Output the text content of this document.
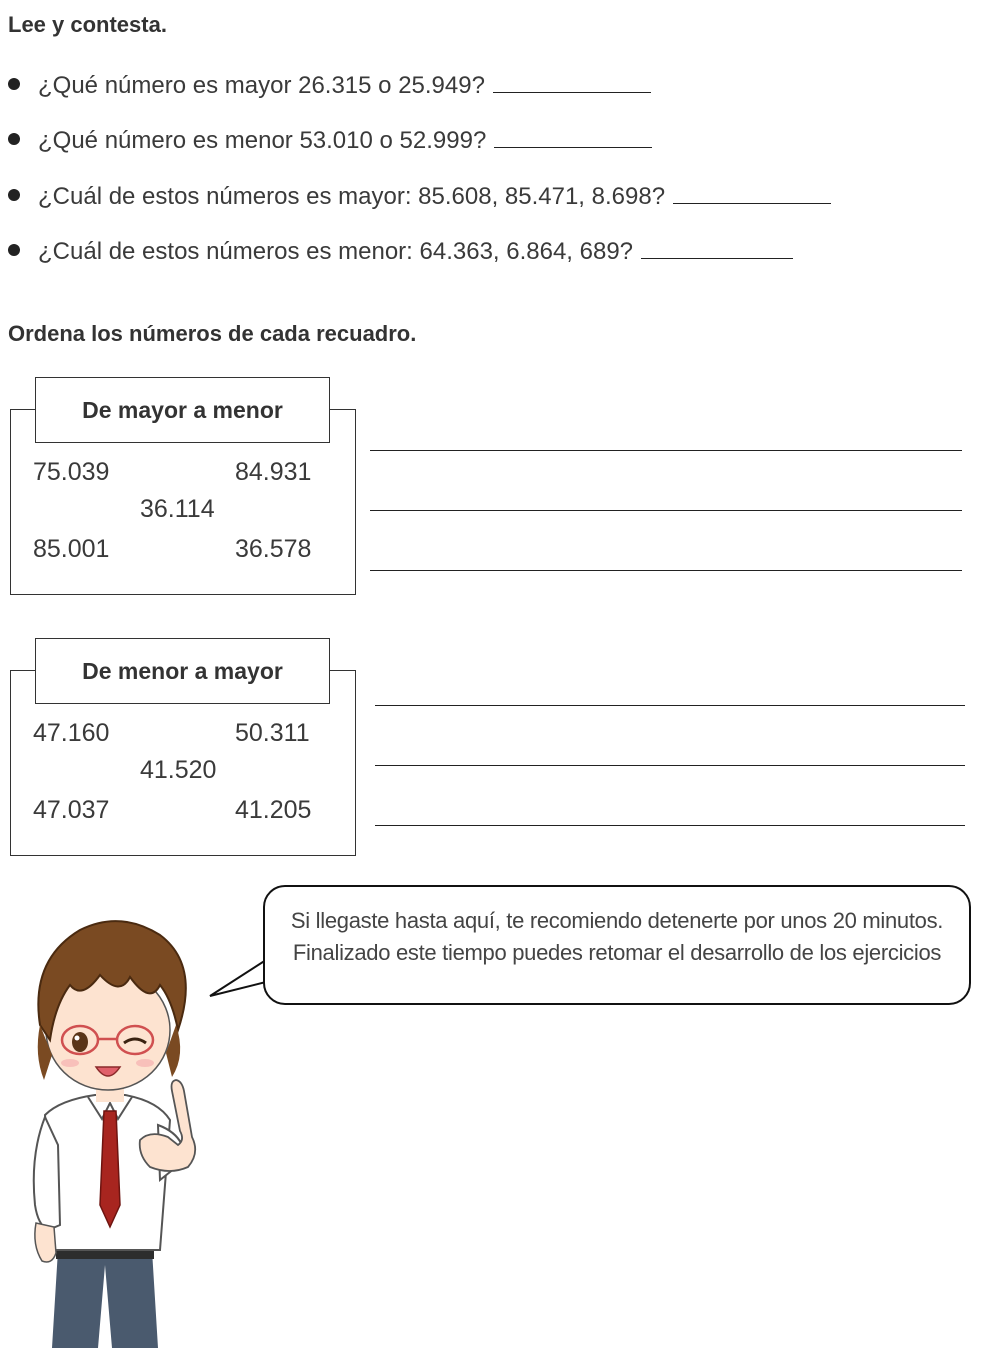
Lee y contesta.
¿Qué número es mayor 26.315 o 25.949?
¿Qué número es menor 53.010 o 52.999?
¿Cuál de estos números es mayor: 85.608, 85.471, 8.698?
¿Cuál de estos números es menor: 64.363, 6.864, 689?
Ordena los números de cada recuadro.
De mayor a menor
75.039	84.931
36.114
85.001	36.578
De menor a mayor
47.160	50.311
41.520
47.037	41.205
Si llegaste hasta aquí, te recomiendo detenerte por unos 20 minutos. Finalizado este tiempo puedes retomar el desarrollo de los ejercicios
